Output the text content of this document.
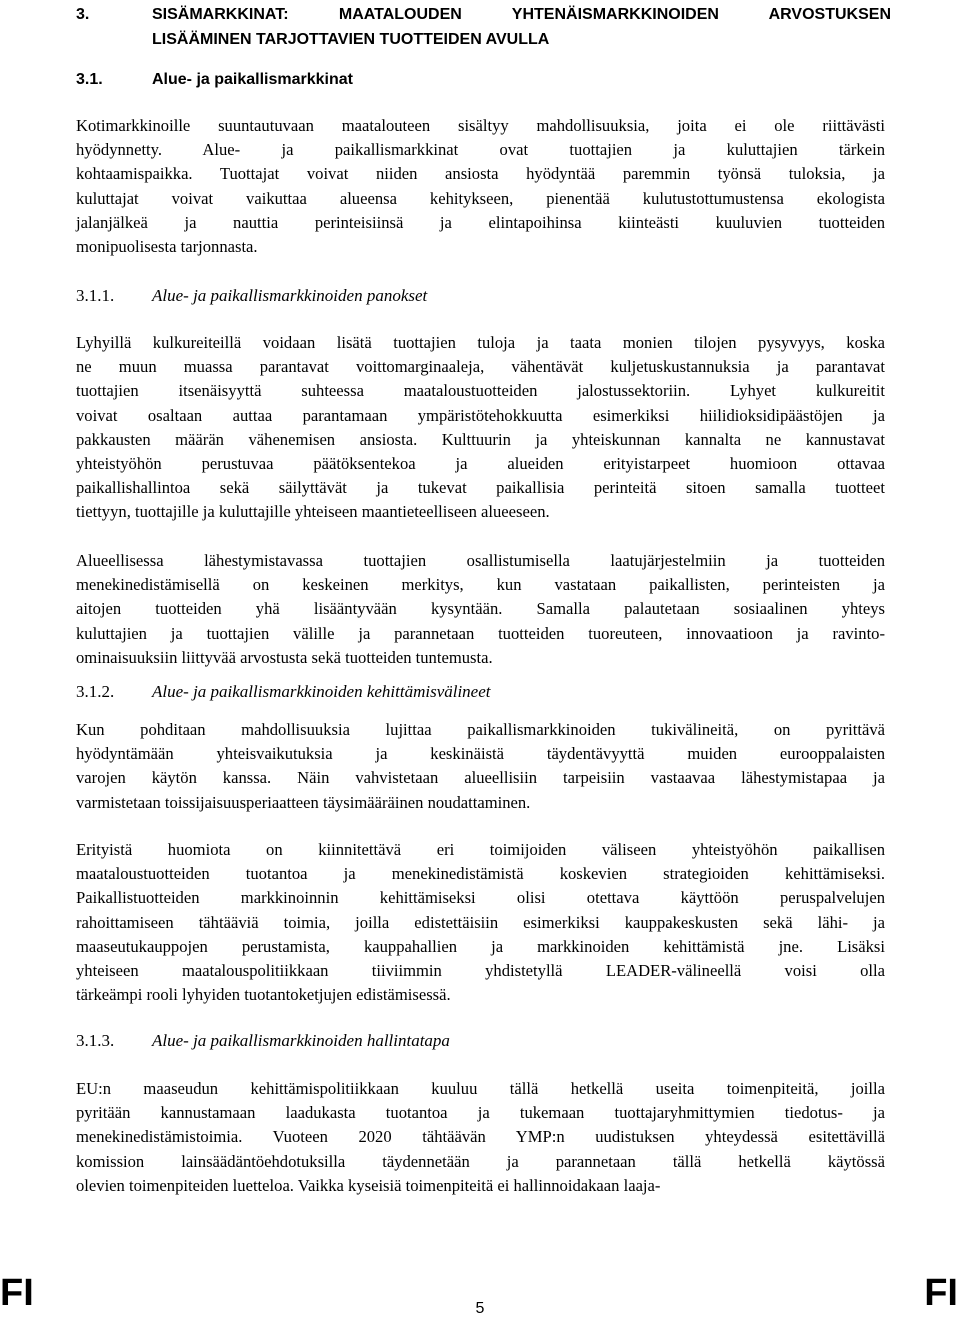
3.	SISÄMARKKINAT: MAATALOUDEN YHTENÄISMARKKINOIDEN ARVOSTUKSEN
LISÄÄMINEN TARJOTTAVIEN TUOTTEIDEN AVULLA
3.1.	Alue- ja paikallismarkkinat
Kotimarkkinoille suuntautuvaan maatalouteen sisältyy mahdollisuuksia, joita ei ole riittävästi
hyödynnetty. Alue- ja paikallismarkkinat ovat tuottajien ja kuluttajien tärkein
kohtaamispaikka. Tuottajat voivat niiden ansiosta hyödyntää paremmin työnsä tuloksia, ja
kuluttajat voivat vaikuttaa alueensa kehitykseen, pienentää kulutustottumustensa ekologista
jalanjälkeä ja nauttia perinteisiinsä ja elintapoihinsa kiinteästi kuuluvien tuotteiden
monipuolisesta tarjonnasta.
3.1.1. Alue- ja paikallismarkkinoiden panokset
Lyhyillä kulkureiteillä voidaan lisätä tuottajien tuloja ja taata monien tilojen pysyvyys, koska
ne muun muassa parantavat voittomarginaaleja, vähentävät kuljetuskustannuksia ja parantavat
tuottajien itsenäisyyttä suhteessa maataloustuotteiden jalostussektoriin. Lyhyet kulkureitit
voivat osaltaan auttaa parantamaan ympäristötehokkuutta esimerkiksi hiilidioksidipäästöjen ja
pakkausten määrän vähenemisen ansiosta. Kulttuurin ja yhteiskunnan kannalta ne kannustavat
yhteistyöhön perustuvaa päätöksentekoa ja alueiden erityistarpeet huomioon ottavaa
paikallishallintoa sekä säilyttävät ja tukevat paikallisia perinteitä sitoen samalla tuotteet
tiettyyn, tuottajille ja kuluttajille yhteiseen maantieteelliseen alueeseen.
Alueellisessa lähestymistavassa tuottajien osallistumisella laatujärjestelmiin ja tuotteiden
menekinedistämisellä on keskeinen merkitys, kun vastataan paikallisten, perinteisten ja
aitojen tuotteiden yhä lisääntyvään kysyntään. Samalla palautetaan sosiaalinen yhteys
kuluttajien ja tuottajien välille ja parannetaan tuotteiden tuoreuteen, innovaatioon ja ravinto-
ominaisuuksiin liittyvää arvostusta sekä tuotteiden tuntemusta.
3.1.2. Alue- ja paikallismarkkinoiden kehittämisvälineet
Kun pohditaan mahdollisuuksia lujittaa paikallismarkkinoiden tukivälineitä, on pyrittävä
hyödyntämään yhteisvaikutuksia ja keskinäistä täydentävyyttä muiden eurooppalaisten
varojen käytön kanssa. Näin vahvistetaan alueellisiin tarpeisiin vastaavaa lähestymistapaa ja
varmistetaan toissijaisuusperiaatteen täysimääräinen noudattaminen.
Erityistä huomiota on kiinnitettävä eri toimijoiden väliseen yhteistyöhön paikallisen
maataloustuotteiden tuotantoa ja menekinedistämistä koskevien strategioiden kehittämiseksi.
Paikallistuotteiden markkinoinnin kehittämiseksi olisi otettava käyttöön peruspalvelujen
rahoittamiseen tähtääviä toimia, joilla edistettäisiin esimerkiksi kauppakeskusten sekä lähi- ja
maaseutukauppojen perustamista, kauppahallien ja markkinoiden kehittämistä jne. Lisäksi
yhteiseen maatalouspolitiikkaan tiiviimmin yhdistetyllä LEADER-välineellä voisi olla
tärkeämpi rooli lyhyiden tuotantoketjujen edistämisessä.
3.1.3. Alue- ja paikallismarkkinoiden hallintatapa
EU:n maaseudun kehittämispolitiikkaan kuuluu tällä hetkellä useita toimenpiteitä, joilla
pyritään kannustamaan laadukasta tuotantoa ja tukemaan tuottajaryhmittymien tiedotus- ja
menekinedistämistoimia. Vuoteen 2020 tähtäävän YMP:n uudistuksen yhteydessä esitettävillä
komission lainsäädäntöehdotuksilla täydennetään ja parannetaan tällä hetkellä käytössä
olevien toimenpiteiden luetteloa. Vaikka kyseisiä toimenpiteitä ei hallinnoidakaan laaja-
FI	5	FI
